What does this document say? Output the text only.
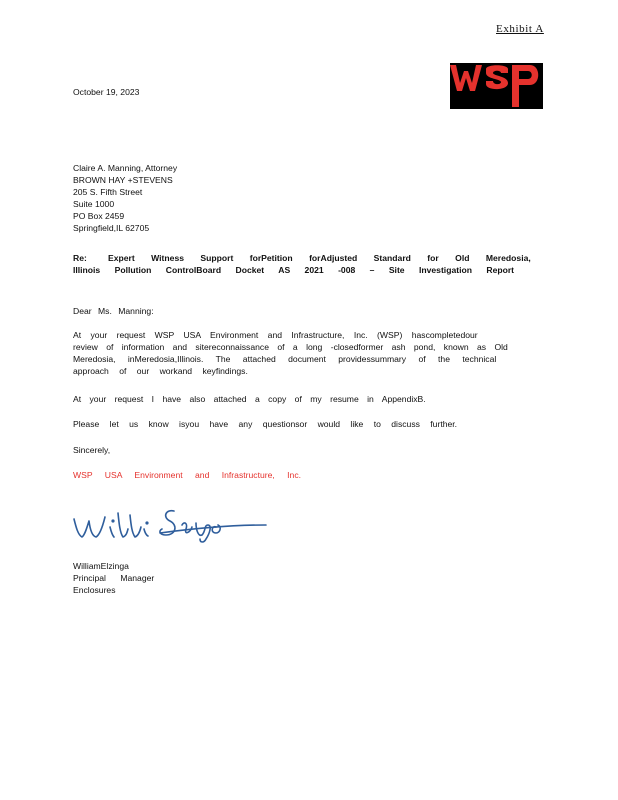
Exhibit A
October 19, 2023
Claire A. Manning, Attorney
BROWN HAY +STEVENS
205 S. Fifth Street
Suite 1000
PO Box 2459
Springfield,IL 62705
Re: Expert Witness Support forPetition forAdjusted Standard for Old Meredosia,
Illinois Pollution ControlBoard Docket AS 2021 -008 – Site Investigation Report
Dear Ms. Manning:
At your request WSP USA Environment and Infrastructure, Inc. (WSP) hascompletedour
review of information and sitereconnaissance of a long -closedformer ash pond, known as Old
Meredosia, inMeredosia,Illinois. The attached document providessummary of the technical
approach of our workand keyfindings.
At your request I have also attached a copy of my resume in AppendixB.
Please let us know isyou have any questionsor would like to discuss further.
Sincerely,
WSP USA Environment and Infrastructure, Inc.
WilliamElzinga
Principal Manager
Enclosures
